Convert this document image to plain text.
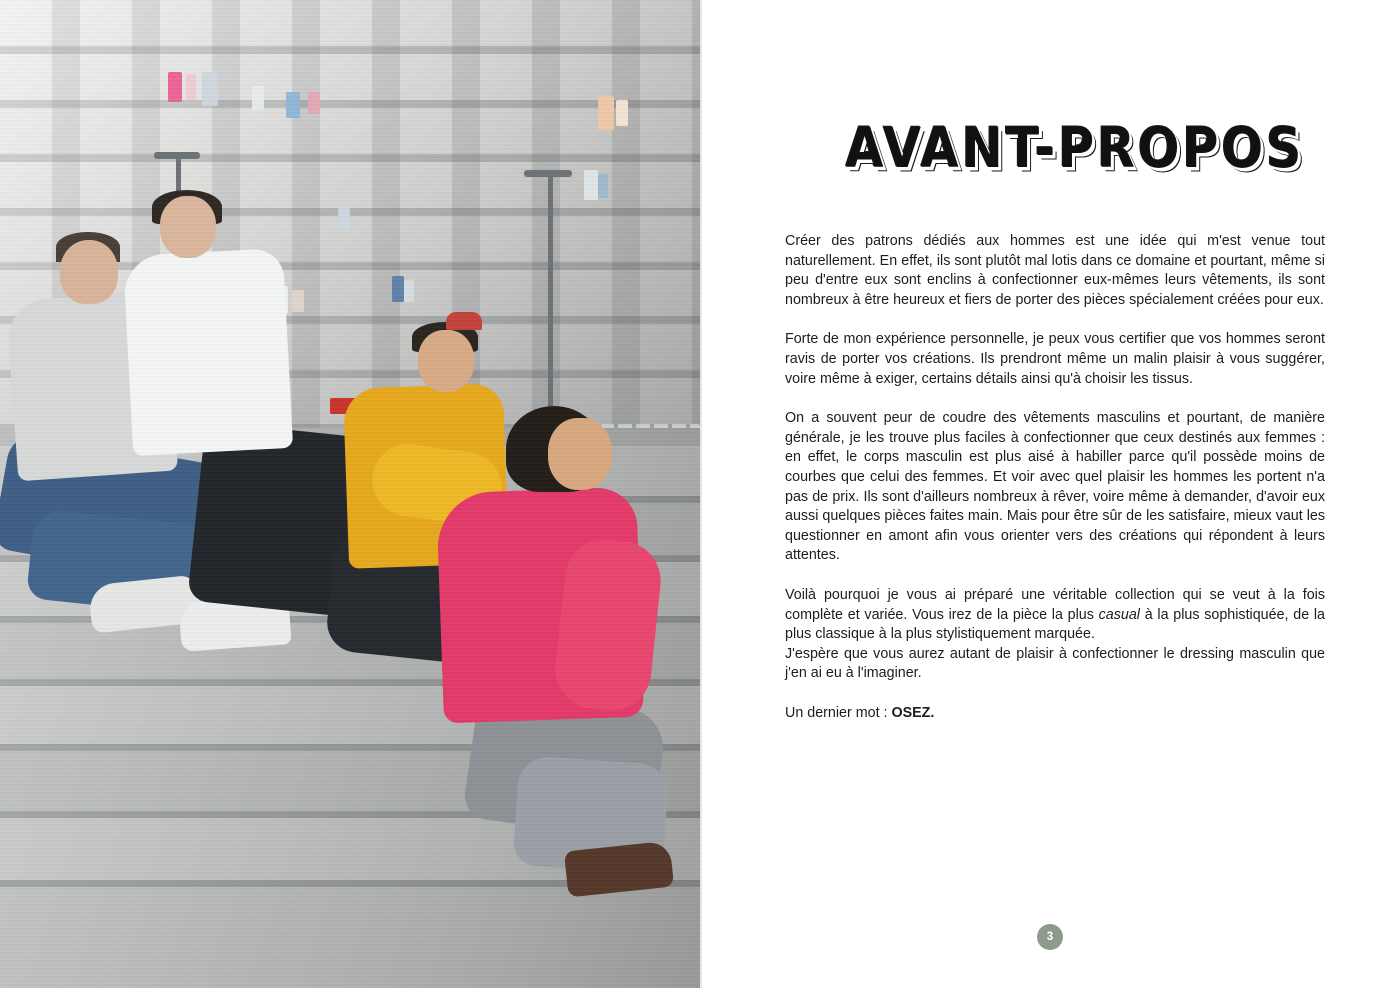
AVANT-PROPOS

Créer des patrons dédiés aux hommes est une idée qui m'est venue tout naturellement. En effet, ils sont plutôt mal lotis dans ce domaine et pourtant, même si peu d'entre eux sont enclins à confectionner eux-mêmes leurs vêtements, ils sont nombreux à être heureux et fiers de porter des pièces spécialement créées pour eux.

Forte de mon expérience personnelle, je peux vous certifier que vos hommes seront ravis de porter vos créations. Ils prendront même un malin plaisir à vous suggérer, voire même à exiger, certains détails ainsi qu'à choisir les tissus.

On a souvent peur de coudre des vêtements masculins et pourtant, de manière générale, je les trouve plus faciles à confectionner que ceux destinés aux femmes : en effet, le corps masculin est plus aisé à habiller parce qu'il possède moins de courbes que celui des femmes. Et voir avec quel plaisir les hommes les portent n'a pas de prix. Ils sont d'ailleurs nombreux à rêver, voire même à demander, d'avoir eux aussi quelques pièces faites main. Mais pour être sûr de les satisfaire, mieux vaut les questionner en amont afin vous orienter vers des créations qui répondent à leurs attentes.

Voilà pourquoi je vous ai préparé une véritable collection qui se veut à la fois complète et variée. Vous irez de la pièce la plus casual à la plus sophistiquée, de la plus classique à la plus stylistiquement marquée.
J'espère que vous aurez autant de plaisir à confectionner le dressing masculin que j'en ai eu à l'imaginer.

Un dernier mot : OSEZ.

3
